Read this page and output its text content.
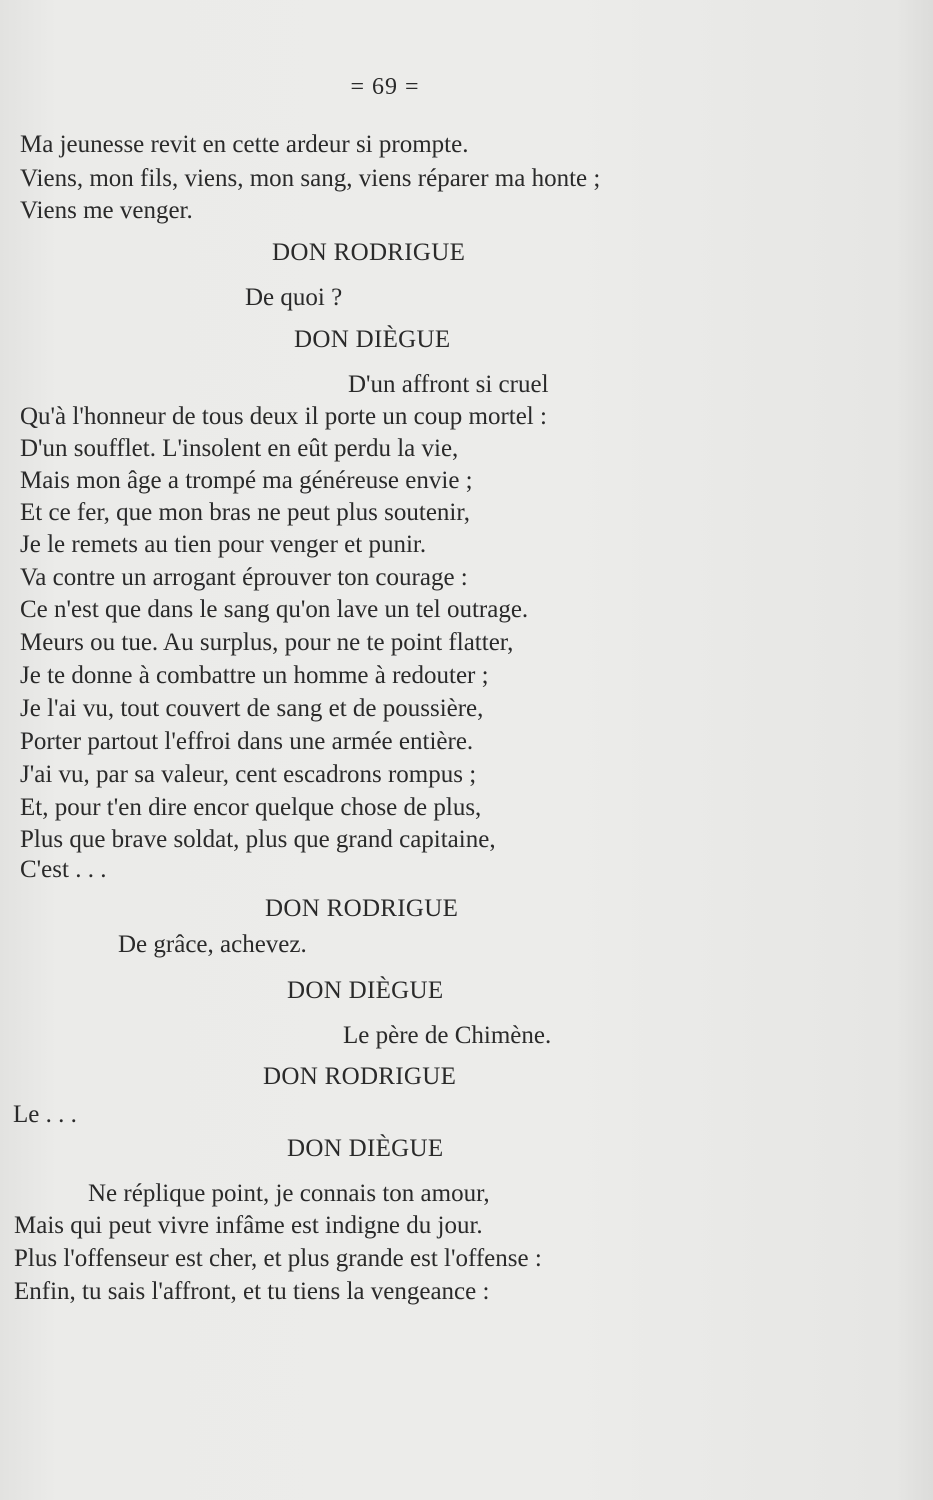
= 69 =
Ma jeunesse revit en cette ardeur si prompte.
Viens, mon fils, viens, mon sang, viens réparer ma honte ;
Viens me venger.
DON RODRIGUE
De quoi ?
DON DIÈGUE
D'un affront si cruel
Qu'à l'honneur de tous deux il porte un coup mortel :
D'un soufflet. L'insolent en eût perdu la vie,
Mais mon âge a trompé ma généreuse envie ;
Et ce fer, que mon bras ne peut plus soutenir,
Je le remets au tien pour venger et punir.
Va contre un arrogant éprouver ton courage :
Ce n'est que dans le sang qu'on lave un tel outrage.
Meurs ou tue. Au surplus, pour ne te point flatter,
Je te donne à combattre un homme à redouter ;
Je l'ai vu, tout couvert de sang et de poussière,
Porter partout l'effroi dans une armée entière.
J'ai vu, par sa valeur, cent escadrons rompus ;
Et, pour t'en dire encor quelque chose de plus,
Plus que brave soldat, plus que grand capitaine,
C'est . . .
DON RODRIGUE
De grâce, achevez.
DON DIÈGUE
Le père de Chimène.
DON RODRIGUE
Le . . .
DON DIÈGUE
Ne réplique point, je connais ton amour,
Mais qui peut vivre infâme est indigne du jour.
Plus l'offenseur est cher, et plus grande est l'offense :
Enfin, tu sais l'affront, et tu tiens la vengeance :
